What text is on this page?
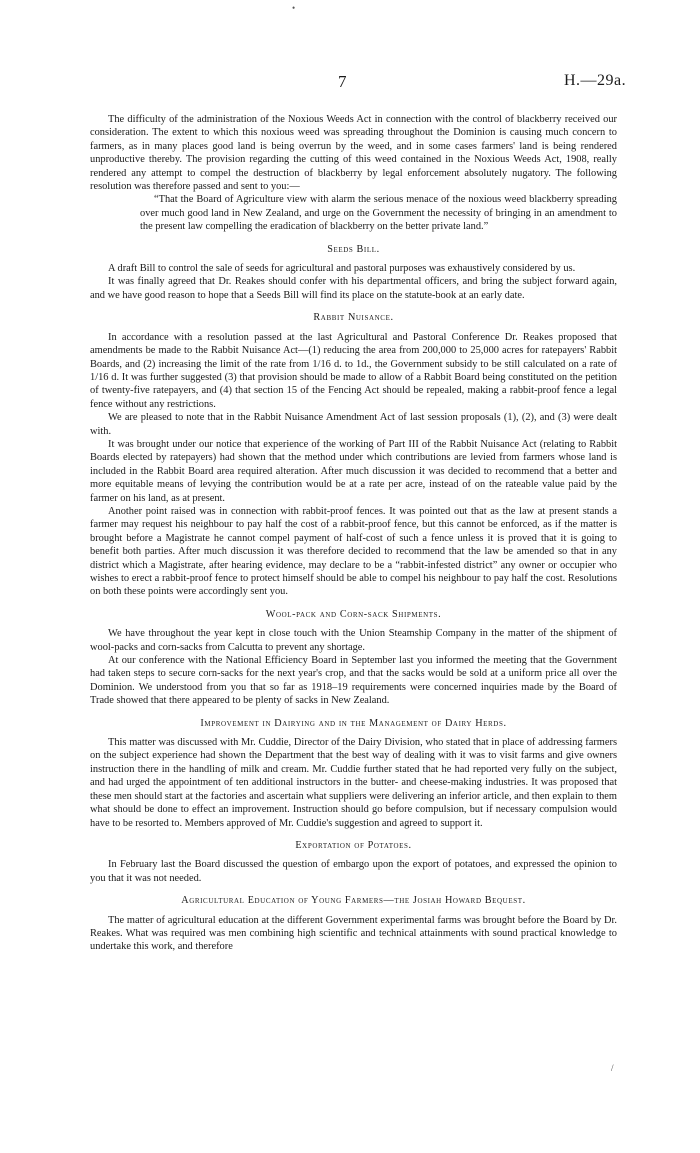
•
7	H.—29a.

The difficulty of the administration of the Noxious Weeds Act in connection with the control of blackberry received our consideration. The extent to which this noxious weed was spreading throughout the Dominion is causing much concern to farmers, as in many places good land is being overrun by the weed, and in some cases farmers' land is being rendered unproductive thereby. The provision regarding the cutting of this weed contained in the Noxious Weeds Act, 1908, really rendered any attempt to compel the destruction of blackberry by legal enforcement absolutely nugatory. The following resolution was therefore passed and sent to you:—

“That the Board of Agriculture view with alarm the serious menace of the noxious weed blackberry spreading over much good land in New Zealand, and urge on the Government the necessity of bringing in an amendment to the present law compelling the eradication of blackberry on the better private land.”

Seeds Bill.

A draft Bill to control the sale of seeds for agricultural and pastoral purposes was exhaustively considered by us.

It was finally agreed that Dr. Reakes should confer with his departmental officers, and bring the subject forward again, and we have good reason to hope that a Seeds Bill will find its place on the statute-book at an early date.

Rabbit Nuisance.

In accordance with a resolution passed at the last Agricultural and Pastoral Conference Dr. Reakes proposed that amendments be made to the Rabbit Nuisance Act—(1) reducing the area from 200,000 to 25,000 acres for ratepayers' Rabbit Boards, and (2) increasing the limit of the rate from 1/16 d. to 1d., the Government subsidy to be still calculated on a rate of 1/16 d. It was further suggested (3) that provision should be made to allow of a Rabbit Board being constituted on the petition of twenty-five ratepayers, and (4) that section 15 of the Fencing Act should be repealed, making a rabbit-proof fence a legal fence without any restrictions.

We are pleased to note that in the Rabbit Nuisance Amendment Act of last session proposals (1), (2), and (3) were dealt with.

It was brought under our notice that experience of the working of Part III of the Rabbit Nuisance Act (relating to Rabbit Boards elected by ratepayers) had shown that the method under which contributions are levied from farmers whose land is included in the Rabbit Board area required alteration. After much discussion it was decided to recommend that a better and more equitable means of levying the contribution would be at a rate per acre, instead of on the rateable value paid by the farmer on his land, as at present.

Another point raised was in connection with rabbit-proof fences. It was pointed out that as the law at present stands a farmer may request his neighbour to pay half the cost of a rabbit-proof fence, but this cannot be enforced, as if the matter is brought before a Magistrate he cannot compel payment of half-cost of such a fence unless it is proved that it is going to benefit both parties. After much discussion it was therefore decided to recommend that the law be amended so that in any district which a Magistrate, after hearing evidence, may declare to be a “rabbit-infested district” any owner or occupier who wishes to erect a rabbit-proof fence to protect himself should be able to compel his neighbour to pay half the cost. Resolutions on both these points were accordingly sent you.

Wool-pack and Corn-sack Shipments.

We have throughout the year kept in close touch with the Union Steamship Company in the matter of the shipment of wool-packs and corn-sacks from Calcutta to prevent any shortage.

At our conference with the National Efficiency Board in September last you informed the meeting that the Government had taken steps to secure corn-sacks for the next year's crop, and that the sacks would be sold at a uniform price all over the Dominion. We understood from you that so far as 1918–19 requirements were concerned inquiries made by the Board of Trade showed that there appeared to be plenty of sacks in New Zealand.

Improvement in Dairying and in the Management of Dairy Herds.

This matter was discussed with Mr. Cuddie, Director of the Dairy Division, who stated that in place of addressing farmers on the subject experience had shown the Department that the best way of dealing with it was to visit farms and give owners instruction there in the handling of milk and cream. Mr. Cuddie further stated that he had reported very fully on the subject, and had urged the appointment of ten additional instructors in the butter- and cheese-making industries. It was proposed that these men should start at the factories and ascertain what suppliers were delivering an inferior article, and then explain to them what should be done to effect an improvement. Instruction should go before compulsion, but if necessary compulsion would have to be resorted to. Members approved of Mr. Cuddie's suggestion and agreed to support it.

Exportation of Potatoes.

In February last the Board discussed the question of embargo upon the export of potatoes, and expressed the opinion to you that it was not needed.

Agricultural Education of Young Farmers—the Josiah Howard Bequest.

The matter of agricultural education at the different Government experimental farms was brought before the Board by Dr. Reakes. What was required was men combining high scientific and technical attainments with sound practical knowledge to undertake this work, and therefore

/
